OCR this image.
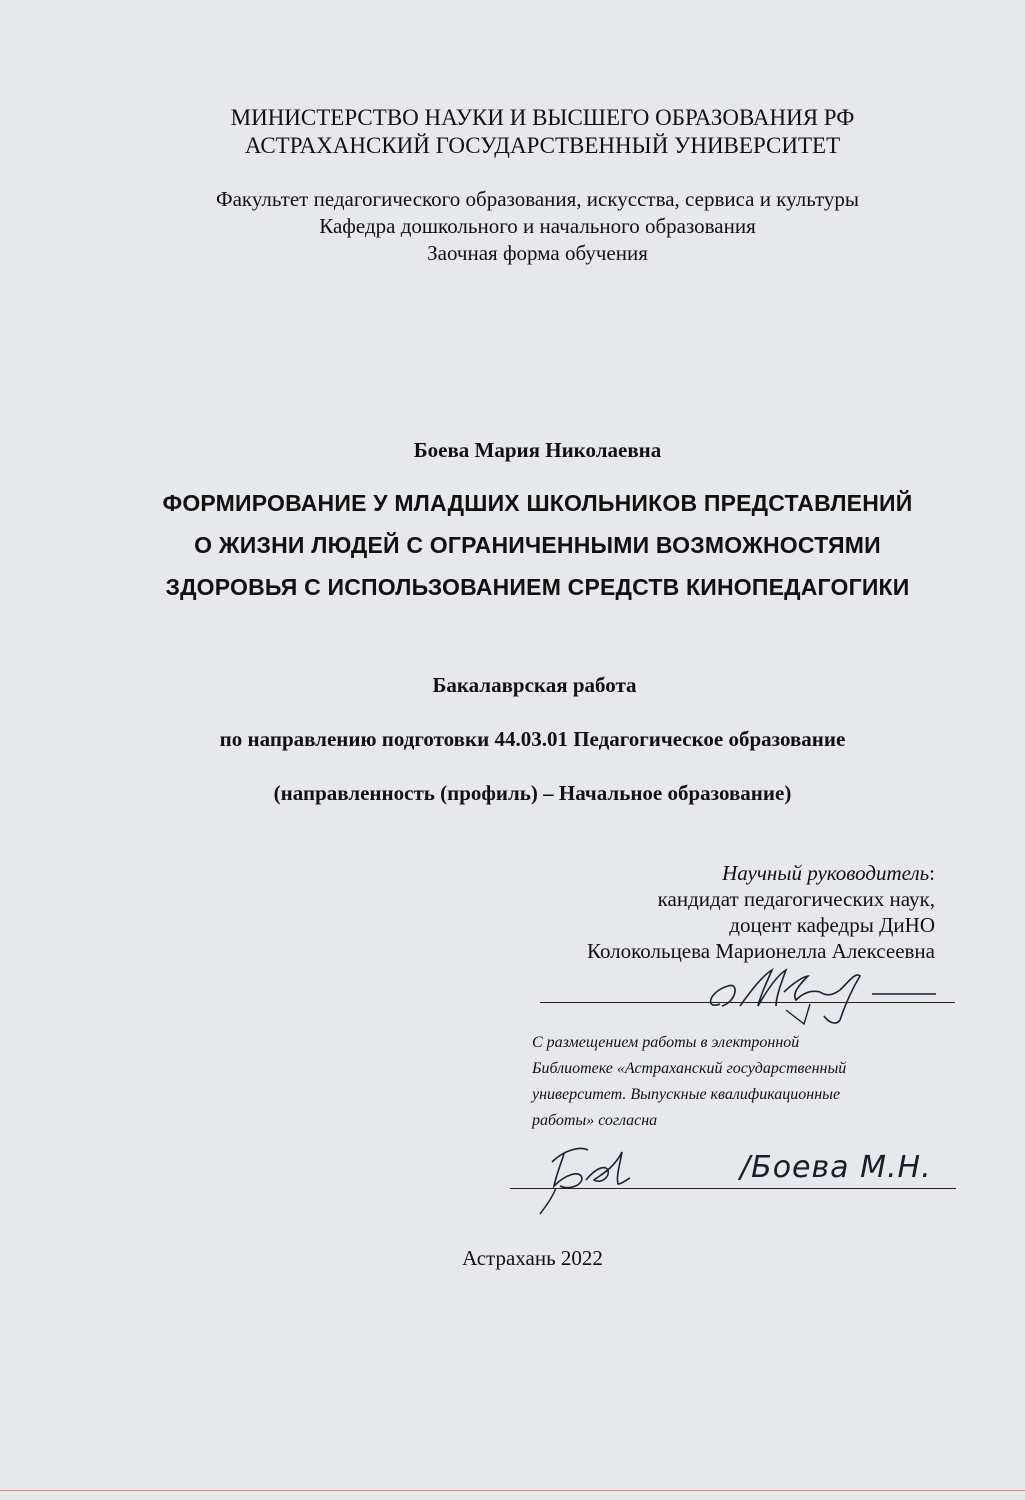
МИНИСТЕРСТВО НАУКИ И ВЫСШЕГО ОБРАЗОВАНИЯ РФ
АСТРАХАНСКИЙ ГОСУДАРСТВЕННЫЙ УНИВЕРСИТЕТ
Факультет педагогического образования, искусства, сервиса и культуры
Кафедра дошкольного и начального образования
Заочная форма обучения
Боева Мария Николаевна
ФОРМИРОВАНИЕ У МЛАДШИХ ШКОЛЬНИКОВ ПРЕДСТАВЛЕНИЙ
О ЖИЗНИ ЛЮДЕЙ С ОГРАНИЧЕННЫМИ ВОЗМОЖНОСТЯМИ
ЗДОРОВЬЯ С ИСПОЛЬЗОВАНИЕМ СРЕДСТВ КИНОПЕДАГОГИКИ
Бакалаврская работа
по направлению подготовки 44.03.01 Педагогическое образование
(направленность (профиль) – Начальное образование)
Научный руководитель:
кандидат педагогических наук,
доцент кафедры ДиНО
Колокольцева Марионелла Алексеевна
С размещением работы в электронной
Библиотеке «Астраханский государственный
университет. Выпускные квалификационные
работы» согласна
/Боева М.Н.
Астрахань 2022
